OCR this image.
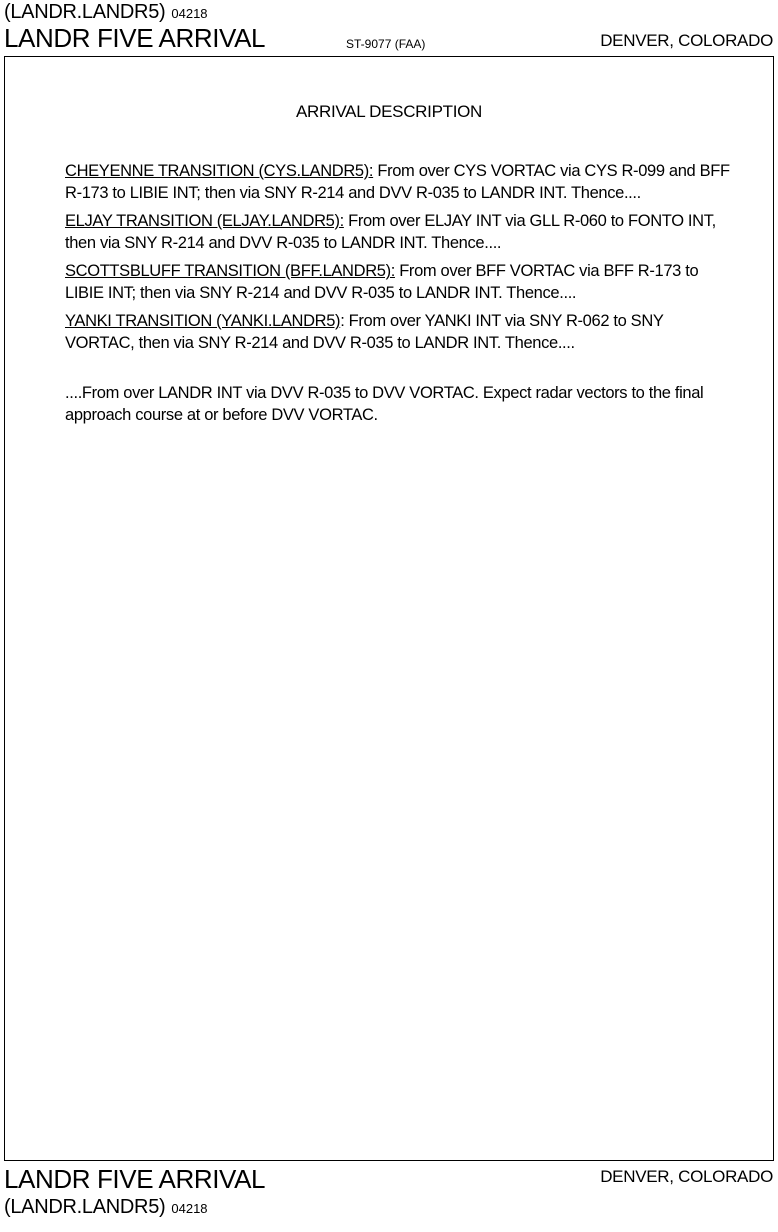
(LANDR.LANDR5) 04218
LANDR FIVE ARRIVAL	ST-9077 (FAA)	DENVER, COLORADO
ARRIVAL DESCRIPTION

CHEYENNE TRANSITION (CYS.LANDR5): From over CYS VORTAC via CYS R-099 and BFF R-173 to LIBIE INT; then via SNY R-214 and DVV R-035 to LANDR INT. Thence....

ELJAY TRANSITION (ELJAY.LANDR5): From over ELJAY INT via GLL R-060 to FONTO INT, then via SNY R-214 and DVV R-035 to LANDR INT. Thence....

SCOTTSBLUFF TRANSITION (BFF.LANDR5): From over BFF VORTAC via BFF R-173 to LIBIE INT; then via SNY R-214 and DVV R-035 to LANDR INT. Thence....

YANKI TRANSITION (YANKI.LANDR5): From over YANKI INT via SNY R-062 to SNY VORTAC, then via SNY R-214 and DVV R-035 to LANDR INT. Thence....

....From over LANDR INT via DVV R-035 to DVV VORTAC. Expect radar vectors to the final approach course at or before DVV VORTAC.

LANDR FIVE ARRIVAL	DENVER, COLORADO
(LANDR.LANDR5) 04218
